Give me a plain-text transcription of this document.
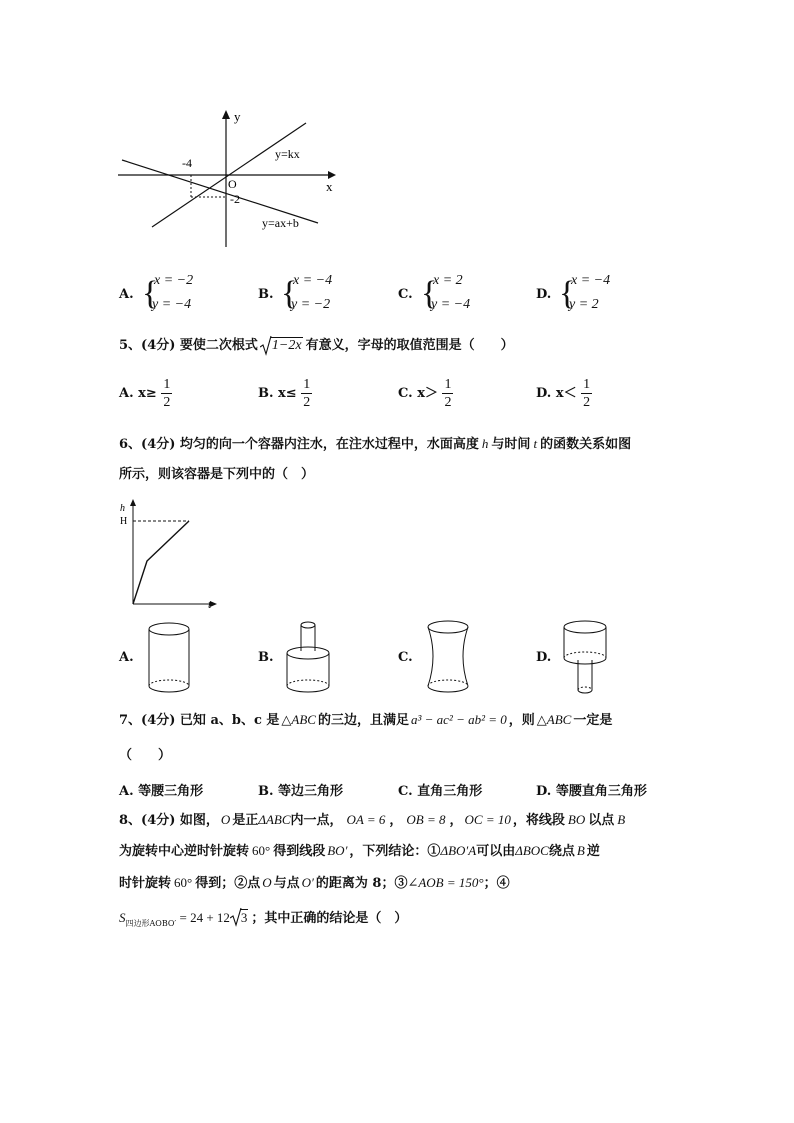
y
x
O
-4
-2
y=kx
y=ax+b
A. {
x = −2
y = −4
B. {
x = −4
y = −2
C. {
x = 2
y = −4
D. {
x = −4
y = 2
5、(4分) 要使二次根式 1−2x 有意义，字母的取值范围是（　　）
A. $x\ge \frac{1}{2}$	B. $x\le \frac{1}{2}$	C. $x> \frac{1}{2}$	D. $x< \frac{1}{2}$
6、(4分) 均匀的向一个容器内注水，在注水过程中，水面高度 h 与时间 t 的函数关系如图
所示，则该容器是下列中的（　）
h
H
t
A.	B.	C.	D.
7、(4分) 已知 a、b、c 是 △ABC 的三边，且满足 a³ − ac² − ab² = 0 ，则 △ABC 一定是
（　　）
A. 等腰三角形	B. 等边三角形	C. 直角三角形	D. 等腰直角三角形
8、(4分) 如图， O 是正ΔABC内一点， OA = 6 ， OB = 8 ， OC = 10 ，将线段 BO 以点 B
为旋转中心逆时针旋转 60° 得到线段 BO′ ，下列结论：①ΔBO′A可以由ΔBOC绕点 B 逆
时针旋转 60° 得到；②点 O 与点 O′ 的距离为 8；③∠AOB = 150°；④
$S_{四边形AOBO'} = 24 + 12$ 3 ；其中正确的结论是（　）
